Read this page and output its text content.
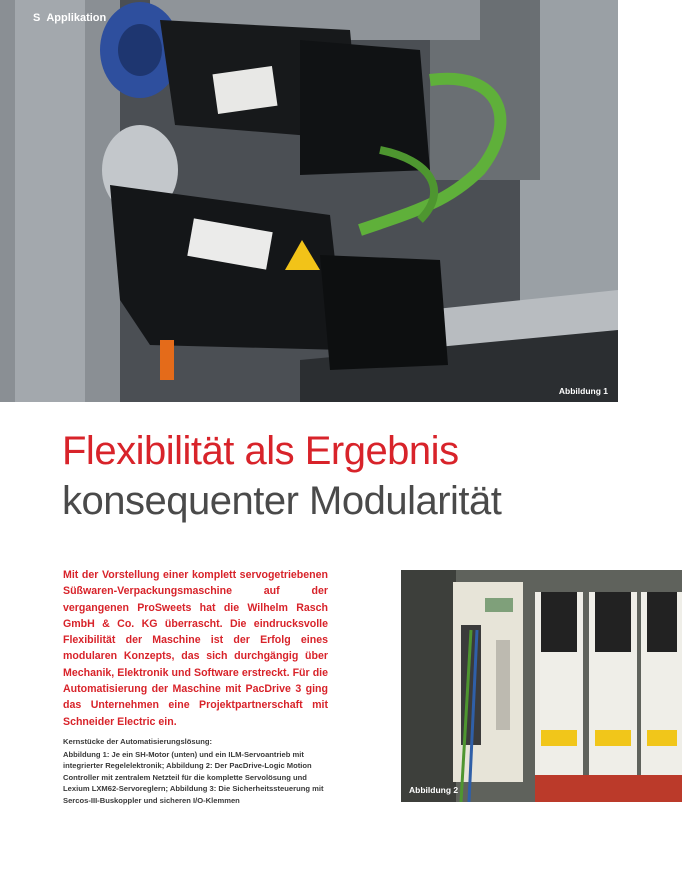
S Applikation
Abbildung 1
Flexibilität als Ergebnis
konsequenter Modularität

Mit der Vorstellung einer komplett servogetriebenen Süßwaren-Verpackungsmaschine auf der vergangenen ProSweets hat die Wilhelm Rasch GmbH & Co. KG überrascht. Die eindrucksvolle Flexibilität der Maschine ist der Erfolg eines modularen Konzepts, das sich durchgängig über Mechanik, Elektronik und Software erstreckt. Für die Automatisierung der Maschine mit PacDrive 3 ging das Unternehmen eine Projektpartnerschaft mit Schneider Electric ein.

Kernstücke der Automatisierungslösung:

Abbildung 1: Je ein SH-Motor (unten) und ein ILM-Servoantrieb mit integrierter Regelelektronik; Abbildung 2: Der PacDrive-Logic Motion Controller mit zentralem Netzteil für die komplette Servolösung und Lexium LXM62-Servoreglern; Abbildung 3: Die Sicherheitssteuerung mit Sercos-III-Buskoppler und sicheren I/O-Klemmen

Abbildung 2
